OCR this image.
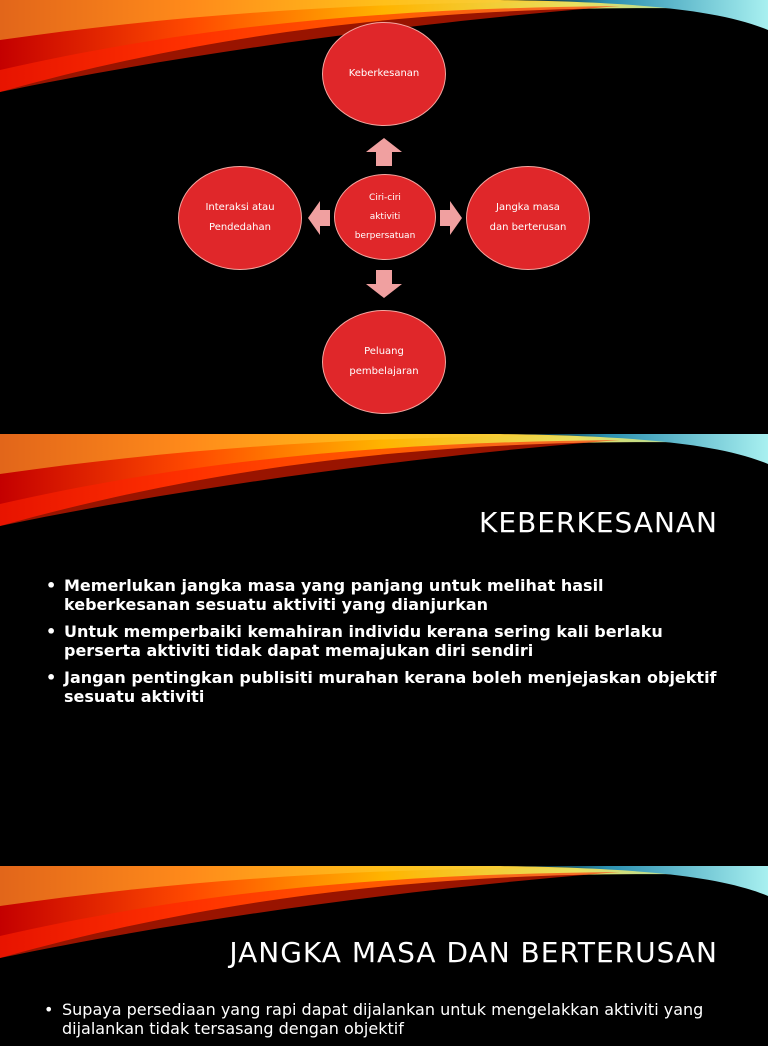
Keberkesanan
Ciri-ciri
aktiviti
berpersatuan
Interaksi atau
Pendedahan
Jangka masa
dan berterusan
Peluang
pembelajaran
KEBERKESANAN
• Memerlukan jangka masa yang panjang untuk melihat hasil keberkesanan sesuatu aktiviti yang dianjurkan
• Untuk memperbaiki kemahiran individu kerana sering kali berlaku perserta aktiviti tidak dapat memajukan diri sendiri
• Jangan pentingkan publisiti murahan kerana boleh menjejaskan objektif sesuatu aktiviti
JANGKA MASA DAN BERTERUSAN
• Supaya persediaan yang rapi dapat dijalankan untuk mengelakkan aktiviti yang dijalankan tidak tersasang dengan objektif
